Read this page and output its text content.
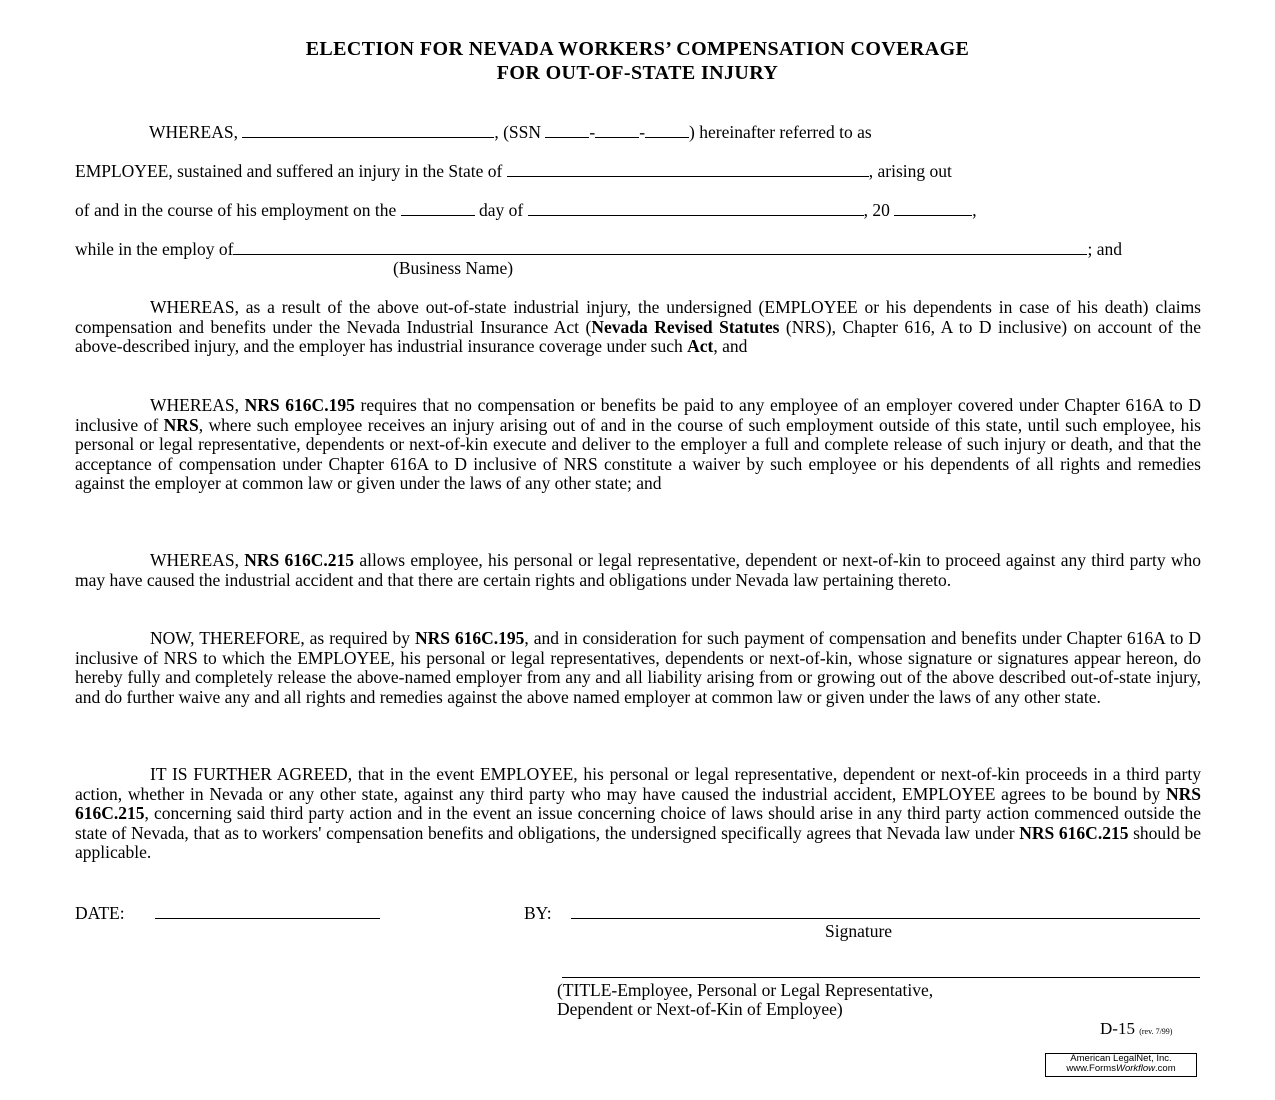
ELECTION FOR NEVADA WORKERS’ COMPENSATION COVERAGE
FOR OUT-OF-STATE INJURY
WHEREAS,	, (SSN	-	-	) hereinafter referred to as
EMPLOYEE, sustained and suffered an injury in the State of	, arising out
of and in the course of his employment on the	day of	, 20	,
while in the employ of	; and
(Business Name)
WHEREAS, as a result of the above out-of-state industrial injury, the undersigned (EMPLOYEE or his dependents in case of his death) claims compensation and benefits under the Nevada Industrial Insurance Act (Nevada Revised Statutes (NRS), Chapter 616, A to D inclusive) on account of the above-described injury, and the employer has industrial insurance coverage under such Act, and
WHEREAS, NRS 616C.195 requires that no compensation or benefits be paid to any employee of an employer covered under Chapter 616A to D inclusive of NRS, where such employee receives an injury arising out of and in the course of such employment outside of this state, until such employee, his personal or legal representative, dependents or next-of-kin execute and deliver to the employer a full and complete release of such injury or death, and that the acceptance of compensation under Chapter 616A to D inclusive of NRS constitute a waiver by such employee or his dependents of all rights and remedies against the employer at common law or given under the laws of any other state; and
WHEREAS, NRS 616C.215 allows employee, his personal or legal representative, dependent or next-of-kin to proceed against any third party who may have caused the industrial accident and that there are certain rights and obligations under Nevada law pertaining thereto.
NOW, THEREFORE, as required by NRS 616C.195, and in consideration for such payment of compensation and benefits under Chapter 616A to D inclusive of NRS to which the EMPLOYEE, his personal or legal representatives, dependents or next-of-kin, whose signature or signatures appear hereon, do hereby fully and completely release the above-named employer from any and all liability arising from or growing out of the above described out-of-state injury, and do further waive any and all rights and remedies against the above named employer at common law or given under the laws of any other state.
IT IS FURTHER AGREED, that in the event EMPLOYEE, his personal or legal representative, dependent or next-of-kin proceeds in a third party action, whether in Nevada or any other state, against any third party who may have caused the industrial accident, EMPLOYEE agrees to be bound by NRS 616C.215, concerning said third party action and in the event an issue concerning choice of laws should arise in any third party action commenced outside the state of Nevada, that as to workers' compensation benefits and obligations, the undersigned specifically agrees that Nevada law under NRS 616C.215 should be applicable.
DATE:	BY:
Signature
(TITLE-Employee, Personal or Legal Representative,
Dependent or Next-of-Kin of Employee)
D-15 (rev. 7/99)
American LegalNet, Inc.
www.FormsWorkflow.com
